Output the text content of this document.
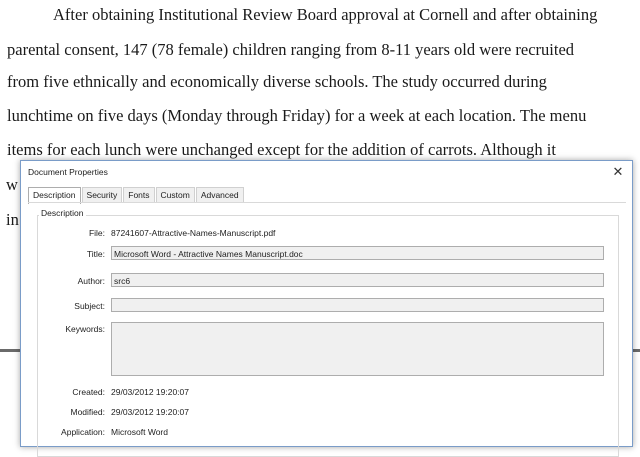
After obtaining Institutional Review Board approval at Cornell and after obtaining
parental consent, 147 (78 female) children ranging from 8-11 years old were recruited
from five ethnically and economically diverse schools. The study occurred during
lunchtime on five days (Monday through Friday) for a week at each location. The menu
items for each lunch were unchanged except for the addition of carrots. Although it
w
in
Document Properties	✕
Description	Security	Fonts	Custom	Advanced
Description
File: 87241607-Attractive-Names-Manuscript.pdf
Title:	Microsoft Word - Attractive Names Manuscript.doc
Author:	src6
Subject:
Keywords:
Created: 29/03/2012 19:20:07
Modified: 29/03/2012 19:20:07
Application: Microsoft Word
